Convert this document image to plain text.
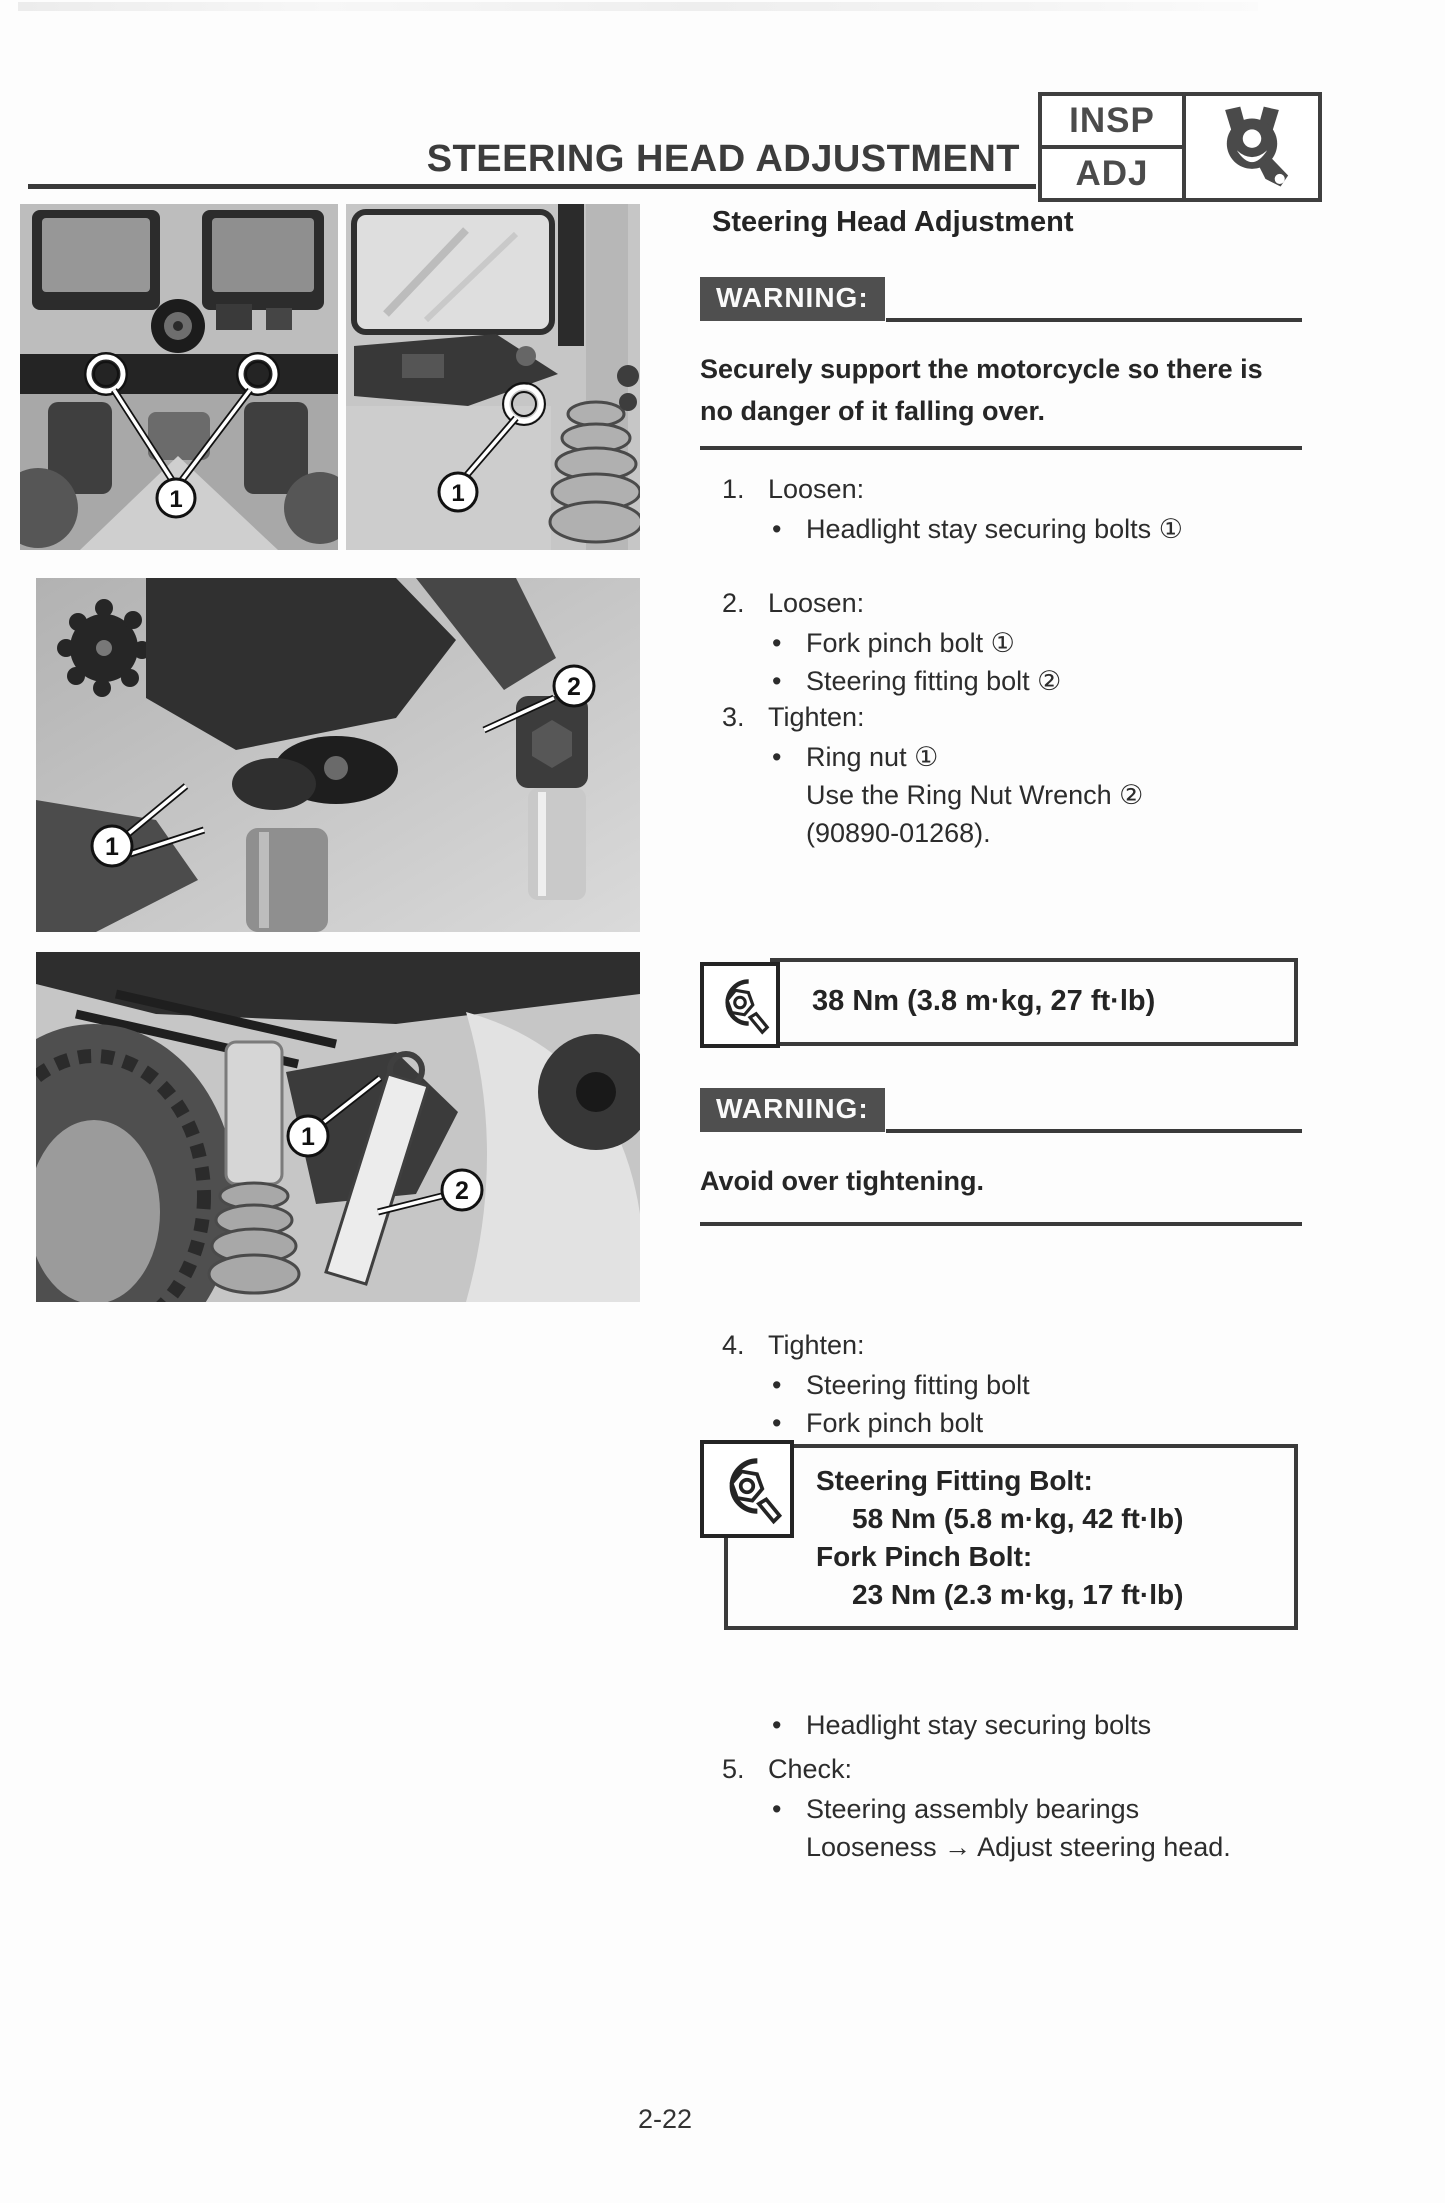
STEERING HEAD ADJUSTMENT
INSP
ADJ
1	1
1
2
1
2
Steering Head Adjustment
WARNING:
Securely support the motorcycle so there is
no danger of it falling over.
1. Loosen:
• Headlight stay securing bolts ①
2. Loosen:
• Fork pinch bolt ①
• Steering fitting bolt ②
3. Tighten:
• Ring nut ①
Use the Ring Nut Wrench ②
(90890-01268).
38 Nm (3.8 m·kg, 27 ft·lb)
WARNING:
Avoid over tightening.
4. Tighten:
• Steering fitting bolt
• Fork pinch bolt
Steering Fitting Bolt:
58 Nm (5.8 m·kg, 42 ft·lb)
Fork Pinch Bolt:
23 Nm (2.3 m·kg, 17 ft·lb)
• Headlight stay securing bolts
5. Check:
• Steering assembly bearings
Looseness → Adjust steering head.
2-22
